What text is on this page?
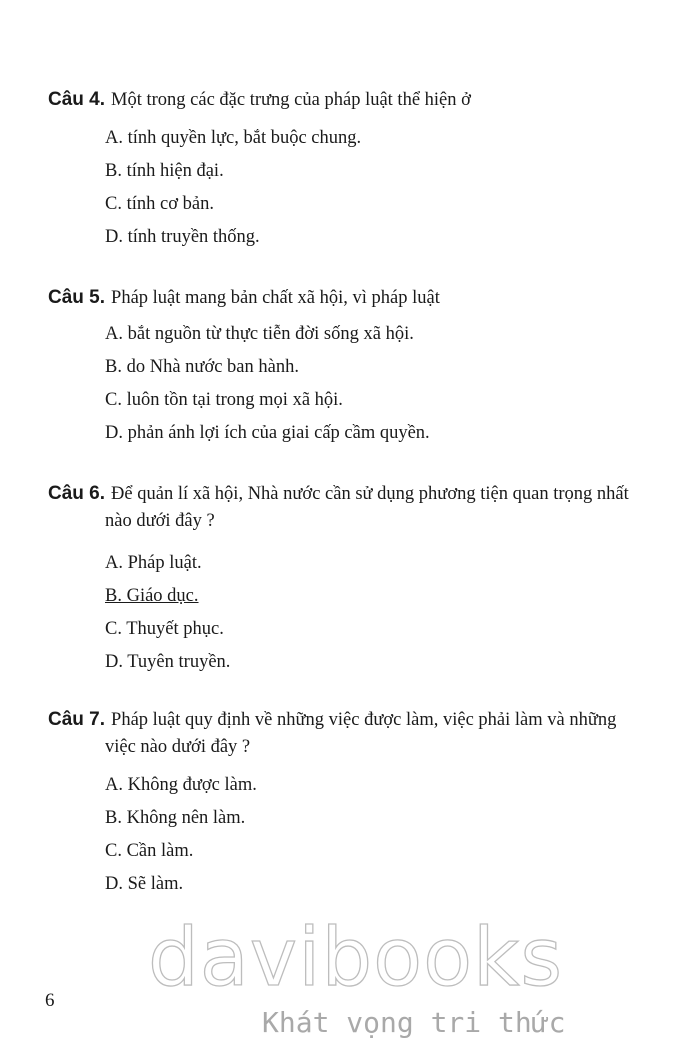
Câu 4. Một trong các đặc trưng của pháp luật thể hiện ở

A. tính quyền lực, bắt buộc chung.
B. tính hiện đại.
C. tính cơ bản.
D. tính truyền thống.

Câu 5. Pháp luật mang bản chất xã hội, vì pháp luật

A. bắt nguồn từ thực tiễn đời sống xã hội.
B. do Nhà nước ban hành.
C. luôn tồn tại trong mọi xã hội.
D. phản ánh lợi ích của giai cấp cầm quyền.

Câu 6. Để quản lí xã hội, Nhà nước cần sử dụng phương tiện quan trọng nhất

nào dưới đây ?

A. Pháp luật.
B. Giáo dục.
C. Thuyết phục.
D. Tuyên truyền.

Câu 7. Pháp luật quy định về những việc được làm, việc phải làm và những

việc nào dưới đây ?

A. Không được làm.
B. Không nên làm.
C. Cần làm.
D. Sẽ làm.
6 davibooks
Khát vọng tri thức
